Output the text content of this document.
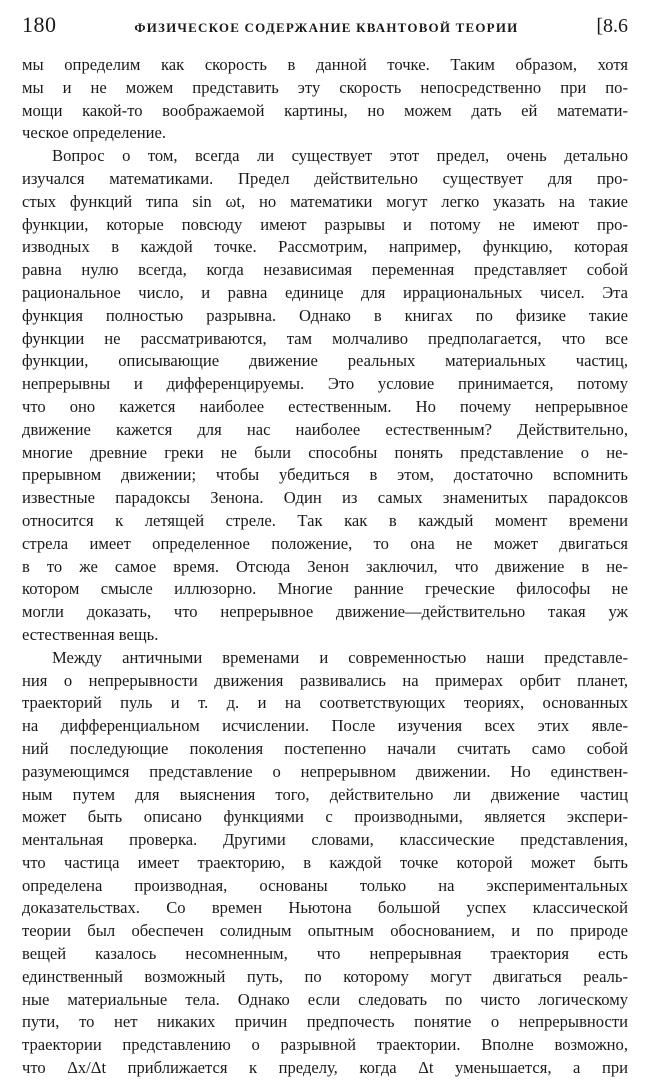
180	ФИЗИЧЕСКОЕ СОДЕРЖАНИЕ КВАНТОВОЙ ТЕОРИИ	[8.6
мы определим как скорость в данной точке. Таким образом, хотя
мы и не можем представить эту скорость непосредственно при по-
мощи какой-то воображаемой картины, но можем дать ей математи-
ческое определение.
Вопрос о том, всегда ли существует этот предел, очень детально
изучался математиками. Предел действительно существует для про-
стых функций типа sin ωt, но математики могут легко указать на такие
функции, которые повсюду имеют разрывы и потому не имеют про-
изводных в каждой точке. Рассмотрим, например, функцию, которая
равна нулю всегда, когда независимая переменная представляет собой
рациональное число, и равна единице для иррациональных чисел. Эта
функция полностью разрывна. Однако в книгах по физике такие
функции не рассматриваются, там молчаливо предполагается, что все
функции, описывающие движение реальных материальных частиц,
непрерывны и дифференцируемы. Это условие принимается, потому
что оно кажется наиболее естественным. Но почему непрерывное
движение кажется для нас наиболее естественным? Действительно,
многие древние греки не были способны понять представление о не-
прерывном движении; чтобы убедиться в этом, достаточно вспомнить
известные парадоксы Зенона. Один из самых знаменитых парадоксов
относится к летящей стреле. Так как в каждый момент времени
стрела имеет определенное положение, то она не может двигаться
в то же самое время. Отсюда Зенон заключил, что движение в не-
котором смысле иллюзорно. Многие ранние греческие философы не
могли доказать, что непрерывное движение—действительно такая уж
естественная вещь.
Между античными временами и современностью наши представле-
ния о непрерывности движения развивались на примерах орбит планет,
траекторий пуль и т. д. и на соответствующих теориях, основанных
на дифференциальном исчислении. После изучения всех этих явле-
ний последующие поколения постепенно начали считать само собой
разумеющимся представление о непрерывном движении. Но единствен-
ным путем для выяснения того, действительно ли движение частиц
может быть описано функциями с производными, является экспери-
ментальная проверка. Другими словами, классические представления,
что частица имеет траекторию, в каждой точке которой может быть
определена производная, основаны только на экспериментальных
доказательствах. Со времен Ньютона большой успех классической
теории был обеспечен солидным опытным обоснованием, и по природе
вещей казалось несомненным, что непрерывная траектория есть
единственный возможный путь, по которому могут двигаться реаль-
ные материальные тела. Однако если следовать по чисто логическому
пути, то нет никаких причин предпочесть понятие о непрерывности
траектории представлению о разрывной траектории. Вполне возможно,
что Δx/Δt приближается к пределу, когда Δt уменьшается, а при
